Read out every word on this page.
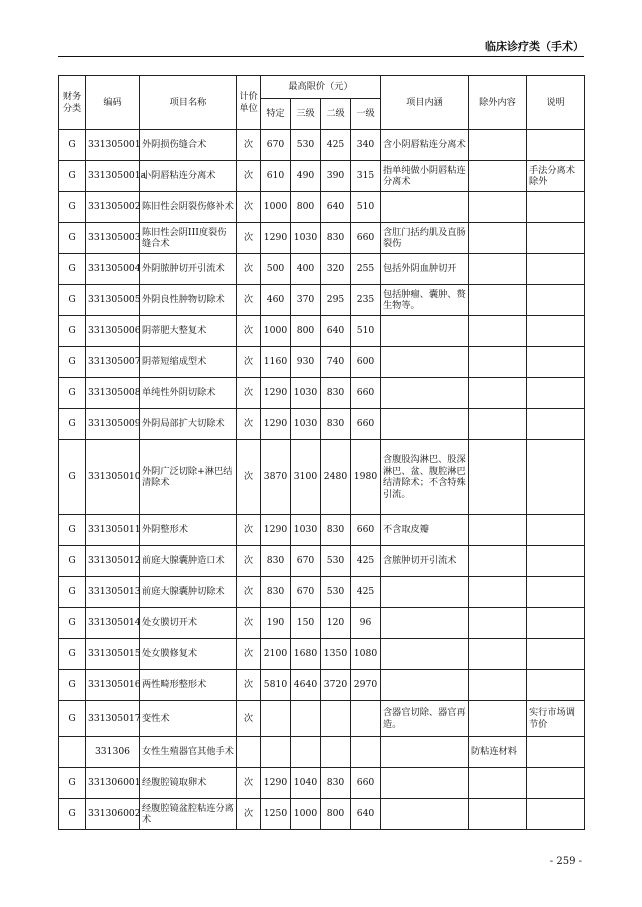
临床诊疗类（手术）
财务分类	编码	项目名称	计价单位	最高限价（元）				项目内涵	除外内容	说明
				特定	三级	二级	一级			
G	331305001	外阴损伤缝合术	次	670	530	425	340	含小阴唇粘连分离术		
G	331305001a	小阴唇粘连分离术	次	610	490	390	315	指单纯做小阴唇粘连分离术		手法分离术除外
G	331305002	陈旧性会阴裂伤修补术	次	1000	800	640	510			
G	331305003	陈旧性会阴III度裂伤缝合术	次	1290	1030	830	660	含肛门括约肌及直肠裂伤		
G	331305004	外阴脓肿切开引流术	次	500	400	320	255	包括外阴血肿切开		
G	331305005	外阴良性肿物切除术	次	460	370	295	235	包括肿瘤、囊肿、赘生物等。		
G	331305006	阴蒂肥大整复术	次	1000	800	640	510			
G	331305007	阴蒂短缩成型术	次	1160	930	740	600			
G	331305008	单纯性外阴切除术	次	1290	1030	830	660			
G	331305009	外阴局部扩大切除术	次	1290	1030	830	660			
G	331305010	外阴广泛切除+淋巴结清除术	次	3870	3100	2480	1980	含腹股沟淋巴、股深淋巴、盆、腹腔淋巴结清除术；不含特殊引流。		
G	331305011	外阴整形术	次	1290	1030	830	660	不含取皮瓣		
G	331305012	前庭大腺囊肿造口术	次	830	670	530	425	含脓肿切开引流术		
G	331305013	前庭大腺囊肿切除术	次	830	670	530	425			
G	331305014	处女膜切开术	次	190	150	120	96			
G	331305015	处女膜修复术	次	2100	1680	1350	1080			
G	331305016	两性畸形整形术	次	5810	4640	3720	2970			
G	331305017	变性术	次					含器官切除、器官再造。		实行市场调节价
	331306	女性生殖器官其他手术							防粘连材料	
G	331306001	经腹腔镜取卵术	次	1290	1040	830	660			
G	331306002	经腹腔镜盆腔粘连分离术	次	1250	1000	800	640			
- 259 -
